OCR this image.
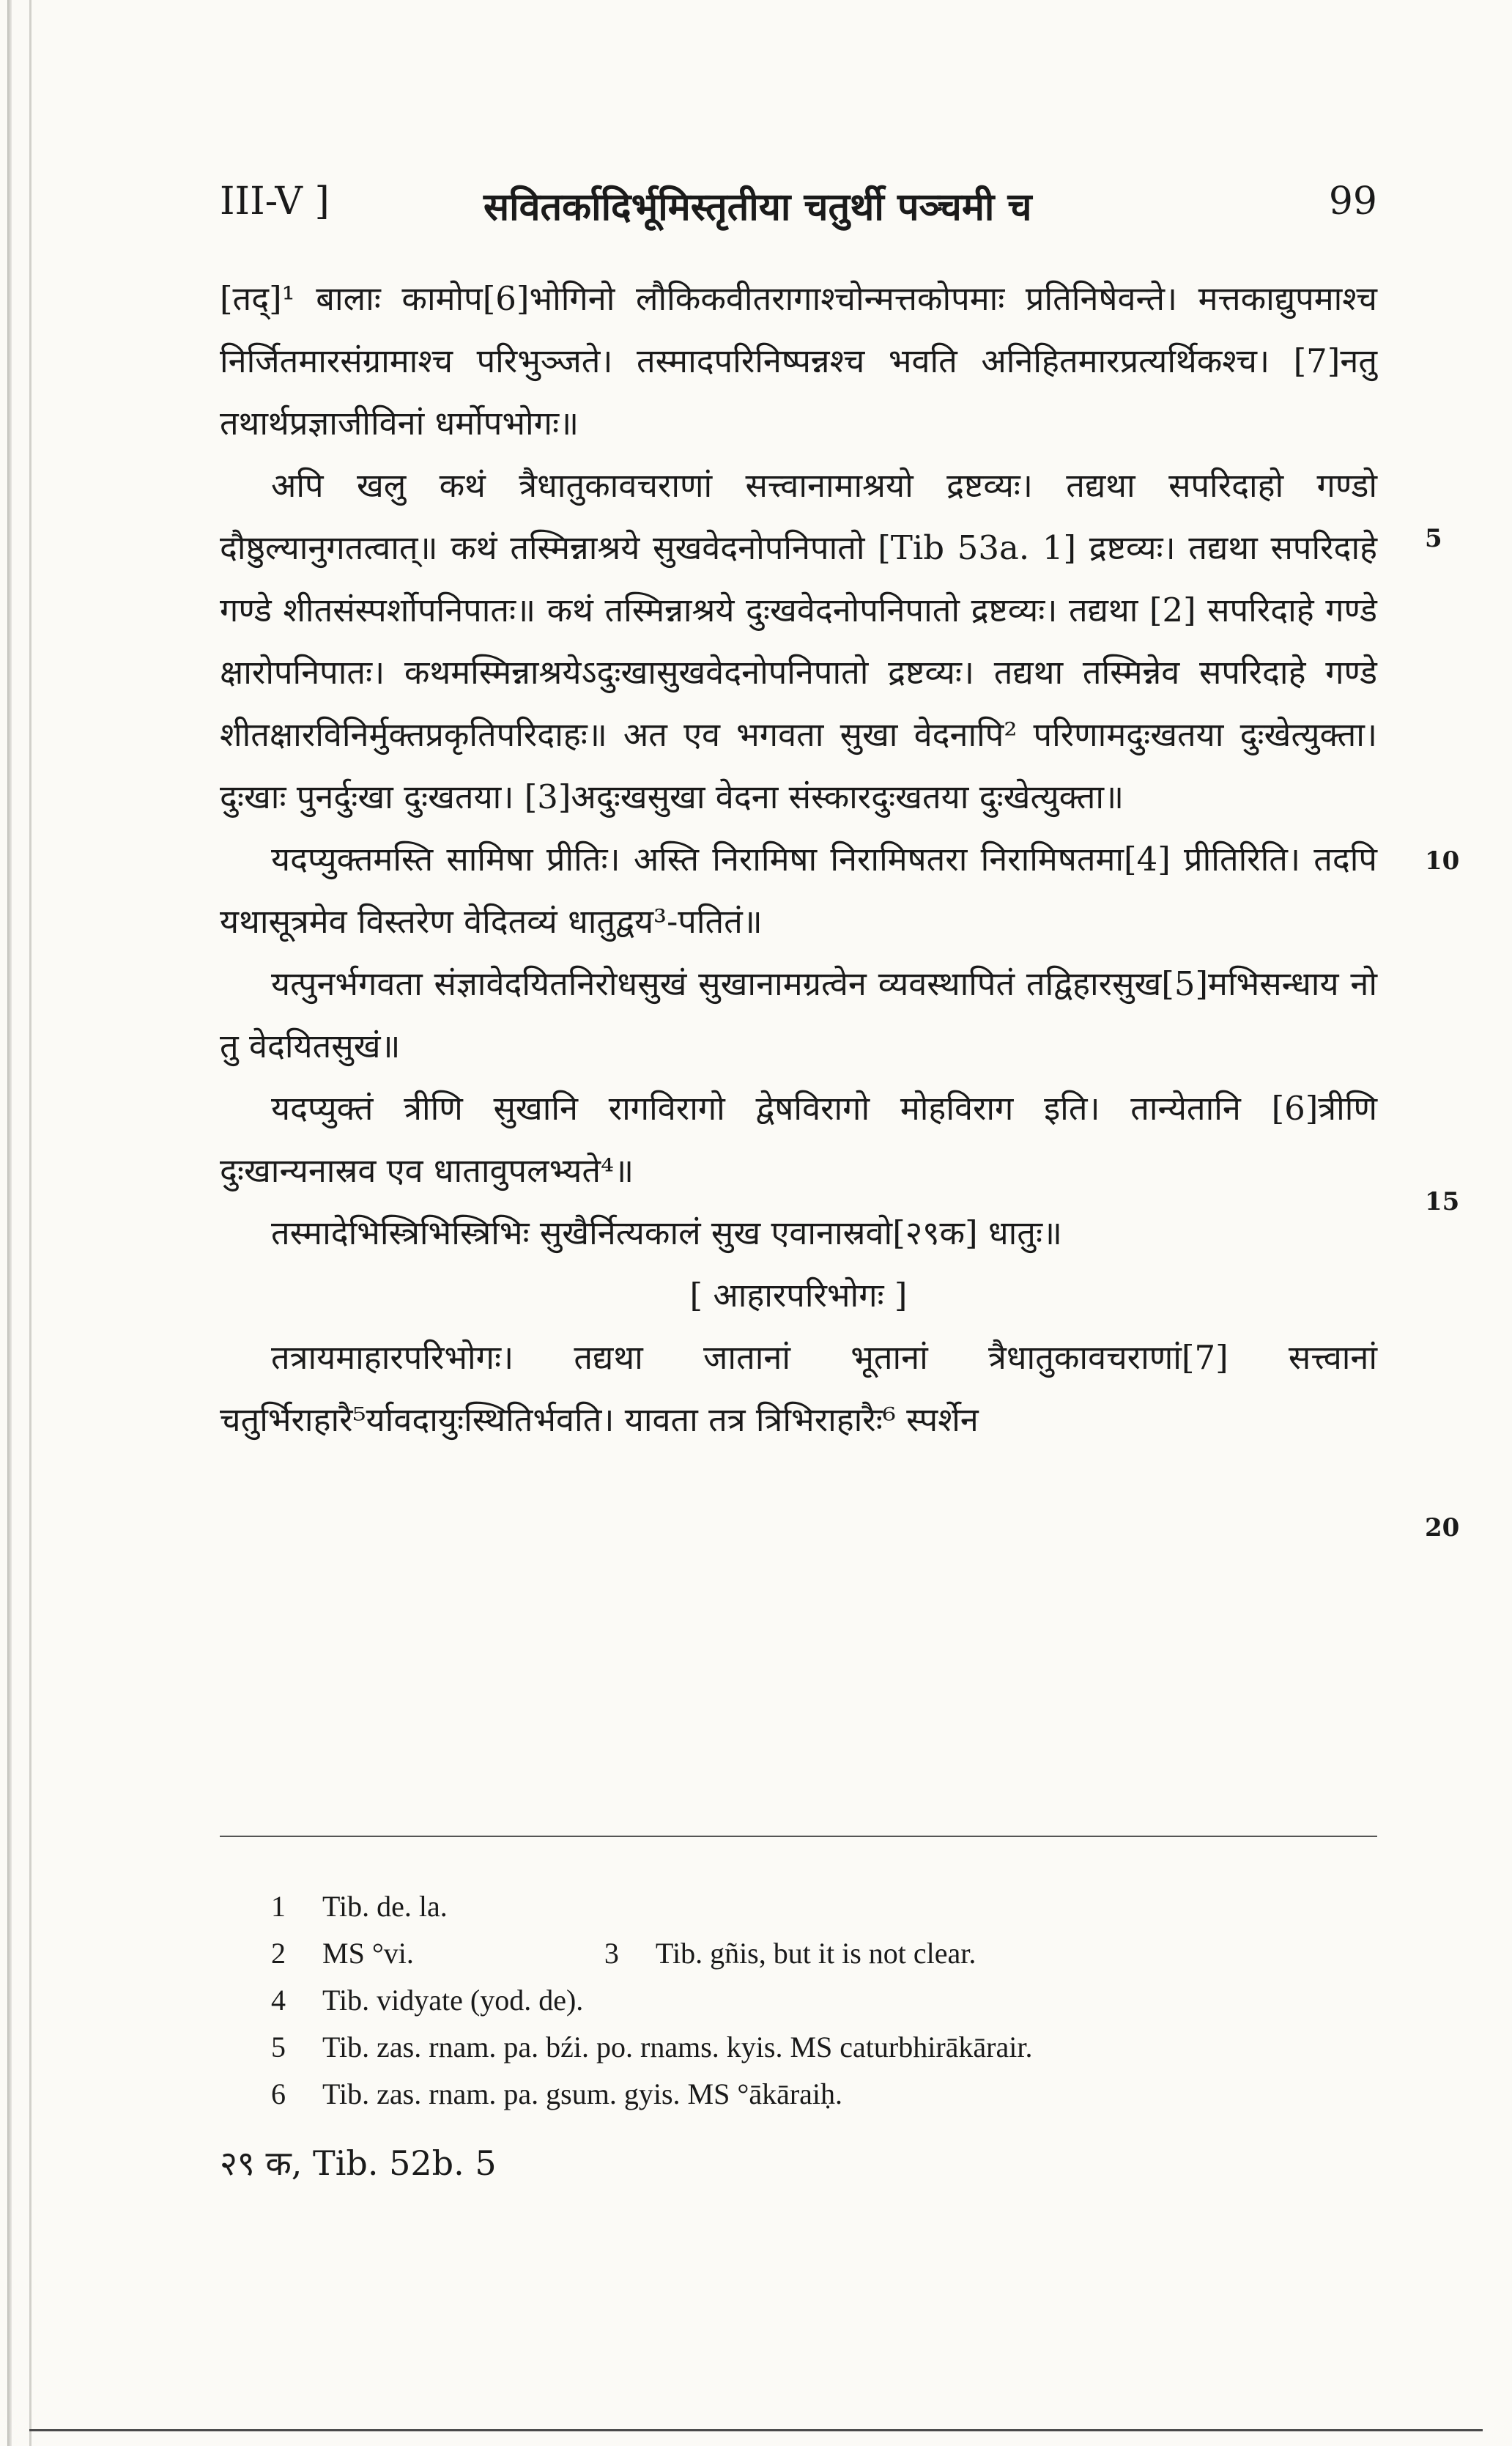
III-V ]	सवितर्कादिर्भूमिस्तृतीया चतुर्थी पञ्चमी च	99

[तद्]¹ बालाः कामोप[6]भोगिनो लौकिकवीतरागाश्चोन्मत्तकोपमाः प्रतिनिषेवन्ते। मत्तकाद्युपमाश्च निर्जितमारसंग्रामाश्च परिभुञ्जते। तस्मादपरिनिष्पन्नश्च भवति अनिहितमारप्रत्यर्थिकश्च। [7]नतु तथार्थप्रज्ञाजीविनां धर्मोपभोगः॥

अपि खलु कथं त्रैधातुकावचराणां सत्त्वानामाश्रयो द्रष्टव्यः। तद्यथा सपरिदाहो गण्डो दौष्ठुल्यानुगतत्वात्॥ कथं तस्मिन्नाश्रये सुखवेदनोपनिपातो [Tib 53a. 1] द्रष्टव्यः। तद्यथा सपरिदाहे गण्डे शीतसंस्पर्शोपनिपातः॥ कथं तस्मिन्नाश्रये दुःखवेदनोपनिपातो द्रष्टव्यः। तद्यथा [2] सपरिदाहे गण्डे क्षारोपनिपातः। कथमस्मिन्नाश्रयेऽदुःखासुखवेदनोपनिपातो द्रष्टव्यः। तद्यथा तस्मिन्नेव सपरिदाहे गण्डे शीतक्षारविनिर्मुक्तप्रकृतिपरिदाहः॥ अत एव भगवता सुखा वेदनापि² परिणामदुःखतया दुःखेत्युक्ता। दुःखाः पुनर्दुःखा दुःखतया। [3]अदुःखसुखा वेदना संस्कारदुःखतया दुःखेत्युक्ता॥

यदप्युक्तमस्ति सामिषा प्रीतिः। अस्ति निरामिषा निरामिषतरा निरामिषतमा[4] प्रीतिरिति। तदपि यथासूत्रमेव विस्तरेण वेदितव्यं धातुद्वय³-पतितं॥

यत्पुनर्भगवता संज्ञावेदयितनिरोधसुखं सुखानामग्रत्वेन व्यवस्थापितं तद्विहारसुख[5]मभिसन्धाय नो तु वेदयितसुखं॥

यदप्युक्तं त्रीणि सुखानि रागविरागो द्वेषविरागो मोहविराग इति। तान्येतानि [6]त्रीणि दुःखान्यनास्रव एव धातावुपलभ्यते⁴॥

तस्मादेभिस्त्रिभिस्त्रिभिः सुखैर्नित्यकालं सुख एवानास्रवो[२९क] धातुः॥

[ आहारपरिभोगः ]

तत्रायमाहारपरिभोगः। तद्यथा जातानां भूतानां त्रैधातुकावचराणां[7] सत्त्वानां चतुर्भिराहारै⁵र्यावदायुःस्थितिर्भवति। यावता तत्र त्रिभिराहारैः⁶ स्पर्शेन

5
10
15
20
1	Tib. de. la.
2	MS °vi.	3	Tib. gñis, but it is not clear.
4	Tib. vidyate (yod. de).
5	Tib. zas. rnam. pa. bźi. po. rnams. kyis. MS caturbhirākārair.
6	Tib. zas. rnam. pa. gsum. gyis. MS °ākāraiḥ.
२९ क, Tib. 52b. 5
